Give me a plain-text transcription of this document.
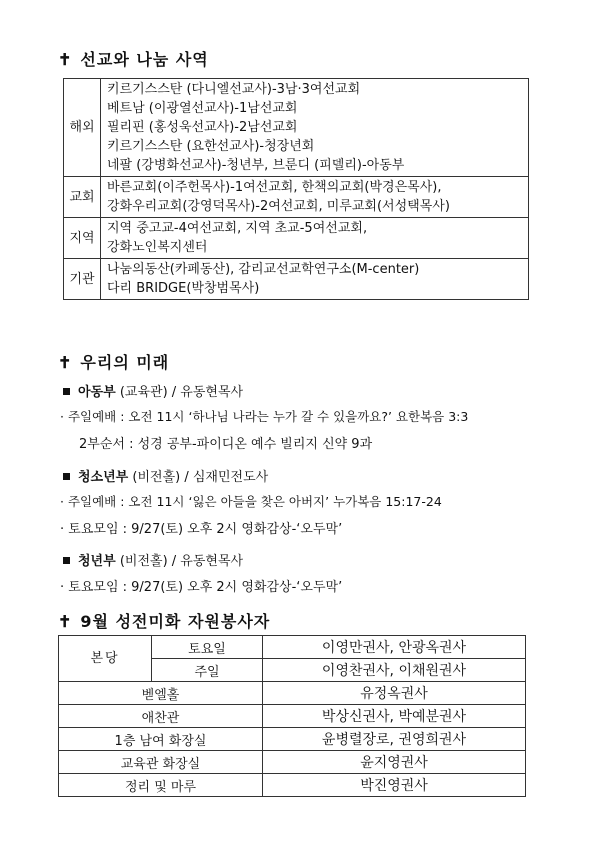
✝ 선교와 나눔 사역
해외	키르기스스탄 (다니엘선교사)-3남·3여선교회
베트남 (이광열선교사)-1남선교회
필리핀 (홍성욱선교사)-2남선교회
키르기스스탄 (요한선교사)-청장년회
네팔 (강병화선교사)-청년부, 브룬디 (피델리)-아동부

교회	바른교회(이주헌목사)-1여선교회, 한책의교회(박경은목사),
강화우리교회(강영덕목사)-2여선교회, 미루교회(서성택목사)

지역	지역 중고교-4여선교회, 지역 초교-5여선교회,
강화노인복지센터

기관	나눔의동산(카페동산), 감리교선교학연구소(M-center)
다리 BRIDGE(박창범목사)
✝ 우리의 미래
아동부 (교육관) / 유동현목사
· 주일예배 : 오전 11시 ‘하나님 나라는 누가 갈 수 있을까요?’ 요한복음 3:3
2부순서 : 성경 공부-파이디온 예수 빌리지 신약 9과
청소년부 (비전홀) / 심재민전도사
· 주일예배 : 오전 11시 ‘잃은 아들을 찾은 아버지’ 누가복음 15:17-24
· 토요모임 : 9/27(토) 오후 2시 영화감상-‘오두막’
청년부 (비전홀) / 유동현목사
· 토요모임 : 9/27(토) 오후 2시 영화감상-‘오두막’
✝ 9월 성전미화 자원봉사자
본당	토요일	이영만권사, 안광옥권사
	주일	이영찬권사, 이채원권사
벧엘홀		유정옥권사
애찬관		박상신권사, 박예분권사
1층 남여 화장실		윤병렬장로, 권영희권사
교육관 화장실		윤지영권사
정리 및 마루		박진영권사
